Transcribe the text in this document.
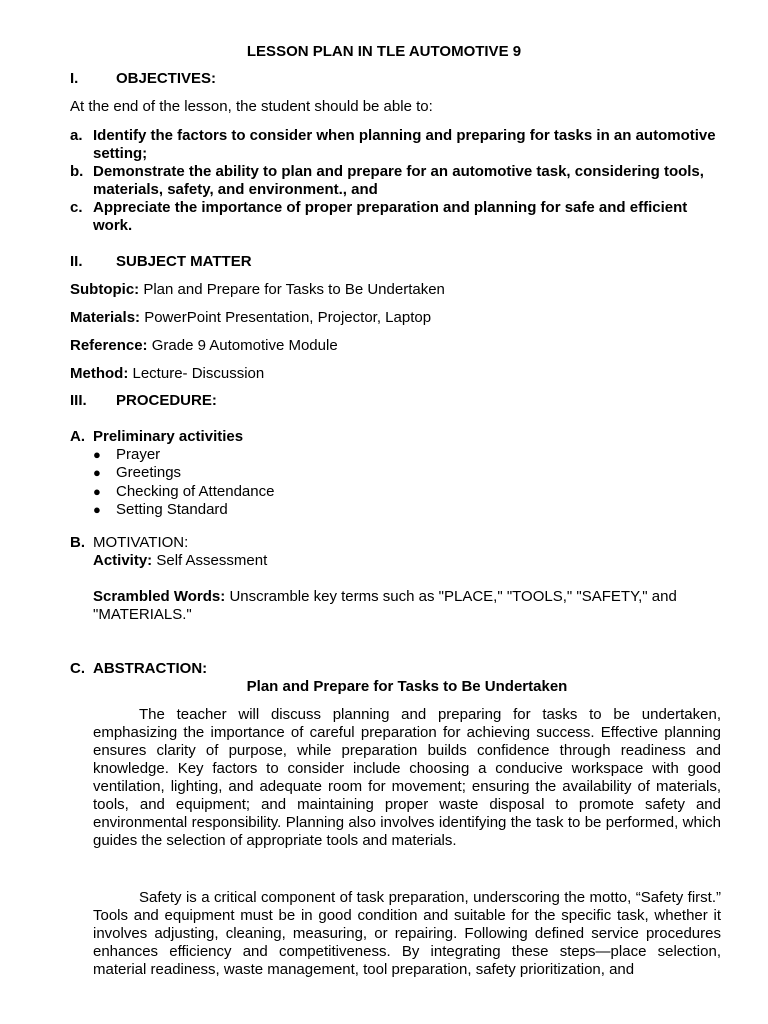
LESSON PLAN IN TLE AUTOMOTIVE 9
I.	OBJECTIVES:
At the end of the lesson, the student should be able to:
a. Identify the factors to consider when planning and preparing for tasks in an automotive setting;
b. Demonstrate the ability to plan and prepare for an automotive task, considering tools, materials, safety, and environment., and
c. Appreciate the importance of proper preparation and planning for safe and efficient work.
II. SUBJECT MATTER
Subtopic: Plan and Prepare for Tasks to Be Undertaken
Materials: PowerPoint Presentation, Projector, Laptop
Reference: Grade 9 Automotive Module
Method: Lecture- Discussion
III. PROCEDURE:
A. Preliminary activities
●	Prayer
●	Greetings
●	Checking of Attendance
●	Setting Standard
B. MOTIVATION:
Activity: Self Assessment
Scrambled Words: Unscramble key terms such as "PLACE," "TOOLS," "SAFETY," and "MATERIALS."
C. ABSTRACTION:
Plan and Prepare for Tasks to Be Undertaken
The teacher will discuss planning and preparing for tasks to be undertaken, emphasizing the importance of careful preparation for achieving success. Effective planning ensures clarity of purpose, while preparation builds confidence through readiness and knowledge. Key factors to consider include choosing a conducive workspace with good ventilation, lighting, and adequate room for movement; ensuring the availability of materials, tools, and equipment; and maintaining proper waste disposal to promote safety and environmental responsibility. Planning also involves identifying the task to be performed, which guides the selection of appropriate tools and materials.
Safety is a critical component of task preparation, underscoring the motto, “Safety first.” Tools and equipment must be in good condition and suitable for the specific task, whether it involves adjusting, cleaning, measuring, or repairing. Following defined service procedures enhances efficiency and competitiveness. By integrating these steps—place selection, material readiness, waste management, tool preparation, safety prioritization, and
